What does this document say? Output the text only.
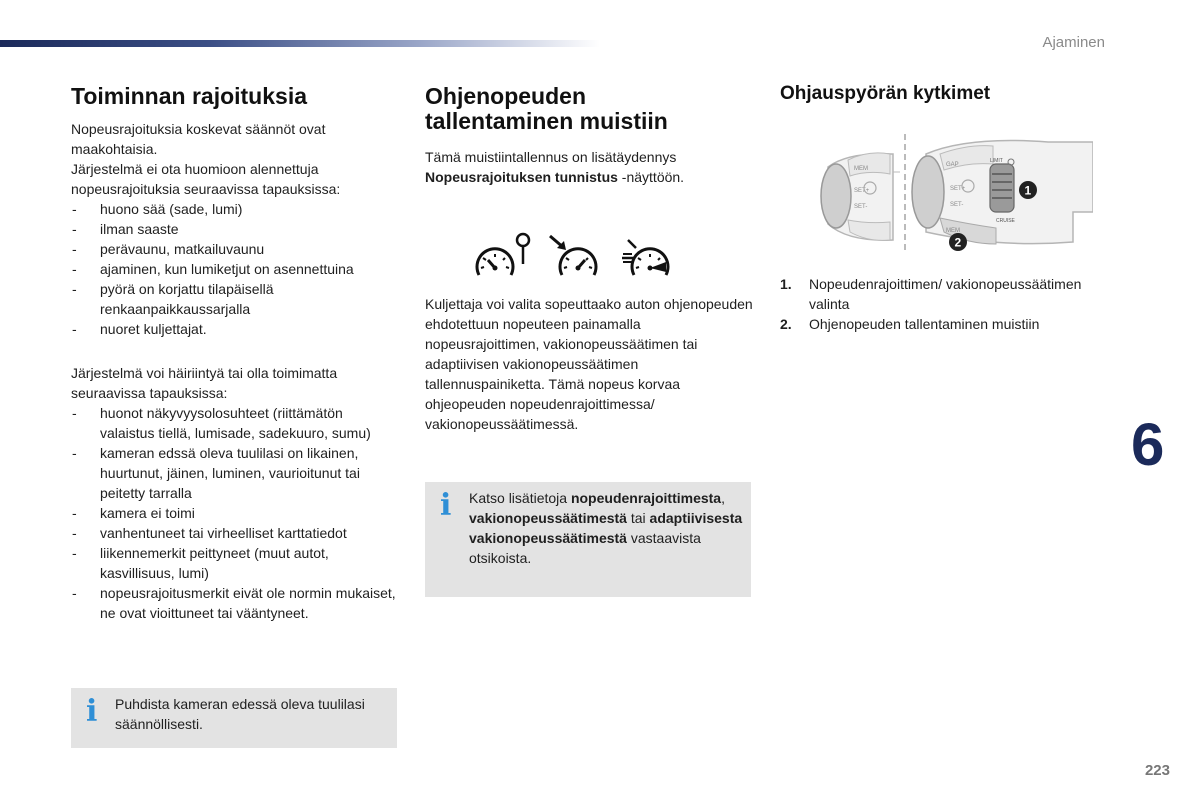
Ajaminen
Toiminnan rajoituksia

Nopeusrajoituksia koskevat säännöt ovat maakohtaisia.

Järjestelmä ei ota huomioon alennettuja nopeusrajoituksia seuraavissa tapauksissa:

- huono sää (sade, lumi)
- ilman saaste
- perävaunu, matkailuvaunu
- ajaminen, kun lumiketjut on asennettuina
- pyörä on korjattu tilapäisellä renkaanpaikkaussarjalla
- nuoret kuljettajat.

Järjestelmä voi häiriintyä tai olla toimimatta seuraavissa tapauksissa:

- huonot näkyvyysolosuhteet (riittämätön valaistus tiellä, lumisade, sadekuuro, sumu)
- kameran edssä oleva tuulilasi on likainen, huurtunut, jäinen, luminen, vaurioitunut tai peitetty tarralla
- kamera ei toimi
- vanhentuneet tai virheelliset karttatiedot
- liikennemerkit peittyneet (muut autot, kasvillisuus, lumi)
- nopeusrajoitusmerkit eivät ole normin mukaiset, ne ovat vioittuneet tai vääntyneet.
i Puhdista kameran edessä oleva tuulilasi säännöllisesti.
Ohjenopeuden
tallentaminen muistiin

Tämä muistiintallennus on lisätäydennys
Nopeusrajoituksen tunnistus -näyttöön.

Kuljettaja voi valita sopeuttaako auton ohjenopeuden ehdotettuun nopeuteen painamalla nopeusrajoittimen, vakionopeussäätimen tai adaptiivisen vakionopeussäätimen tallennuspainiketta. Tämä nopeus korvaa ohjeopeuden nopeudenrajoittimessa/ vakionopeussäätimessä.

i Katso lisätietoja nopeudenrajoittimesta, vakionopeussäätimestä tai adaptiivisesta vakionopeussäätimestä vastaavista otsikoista.
Ohjauspyörän kytkimet
MEM
SET+
SET-
GAP
SET+
SET-
MEM
LIMIT
CRUISE
1
2
1. Nopeudenrajoittimen/ vakionopeussäätimen valinta
2. Ohjenopeuden tallentaminen muistiin
6
223
